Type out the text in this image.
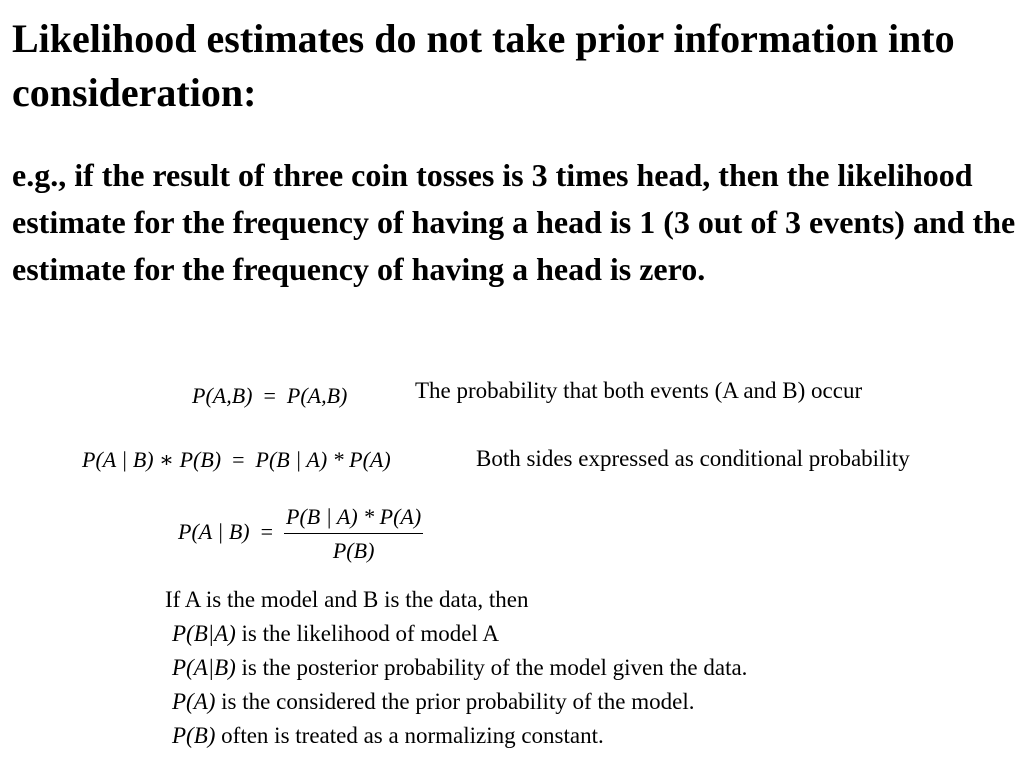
Likelihood estimates do not take prior information into consideration:

e.g., if the result of three coin tosses is 3 times head, then the likelihood estimate for the frequency of having a head is 1 (3 out of 3 events) and the estimate for the frequency of having a head is zero.

P(A,B)  =  P(A,B)	The probability that both events (A and B) occur
P(A | B) ∗ P(B)  =  P(B | A) * P(A)	Both sides expressed as conditional probability
P(A | $B) = \frac{P(B | A) * P(A)}{P(B)}$
If A is the model and B is the data, then
P(B|A) is the likelihood of model A
P(A|B) is the posterior probability of the model given the data.
P(A) is the considered the prior probability of the model.
P(B) often is treated as a normalizing constant.
